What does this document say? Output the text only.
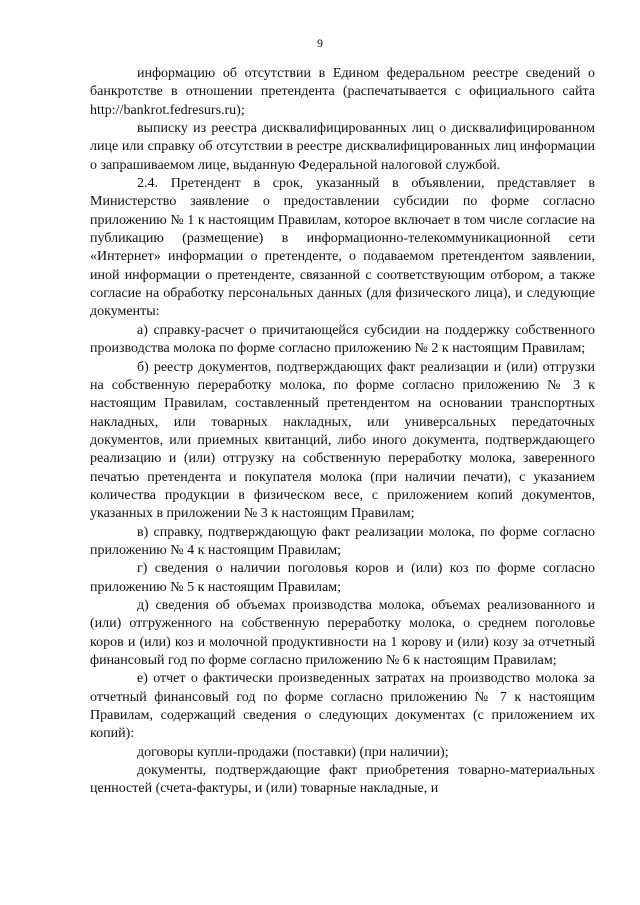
9

информацию об отсутствии в Едином федеральном реестре сведений о банкротстве в отношении претендента (распечатывается с официального сайта http://bankrot.fedresurs.ru);

выписку из реестра дисквалифицированных лиц о дисквалифицированном лице или справку об отсутствии в реестре дисквалифицированных лиц информации о запрашиваемом лице, выданную Федеральной налоговой службой.

2.4. Претендент в срок, указанный в объявлении, представляет в Министерство заявление о предоставлении субсидии по форме согласно приложению № 1 к настоящим Правилам, которое включает в том числе согласие на публикацию (размещение) в информационно-телекоммуникационной сети «Интернет» информации о претенденте, о подаваемом претендентом заявлении, иной информации о претенденте, связанной с соответствующим отбором, а также согласие на обработку персональных данных (для физического лица), и следующие документы:

а) справку-расчет о причитающейся субсидии на поддержку собственного производства молока по форме согласно приложению № 2 к настоящим Правилам;

б) реестр документов, подтверждающих факт реализации и (или) отгрузки на собственную переработку молока, по форме согласно приложению № 3 к настоящим Правилам, составленный претендентом на основании транспортных накладных, или товарных накладных, или универсальных передаточных документов, или приемных квитанций, либо иного документа, подтверждающего реализацию и (или) отгрузку на собственную переработку молока, заверенного печатью претендента и покупателя молока (при наличии печати), с указанием количества продукции в физическом весе, с приложением копий документов, указанных в приложении № 3 к настоящим Правилам;

в) справку, подтверждающую факт реализации молока, по форме согласно приложению № 4 к настоящим Правилам;

г) сведения о наличии поголовья коров и (или) коз по форме согласно приложению № 5 к настоящим Правилам;

д) сведения об объемах производства молока, объемах реализованного и (или) отгруженного на собственную переработку молока, о среднем поголовье коров и (или) коз и молочной продуктивности на 1 корову и (или) козу за отчетный финансовый год по форме согласно приложению № 6 к настоящим Правилам;

е) отчет о фактически произведенных затратах на производство молока за отчетный финансовый год по форме согласно приложению № 7 к настоящим Правилам, содержащий сведения о следующих документах (с приложением их копий):

договоры купли-продажи (поставки) (при наличии);

документы, подтверждающие факт приобретения товарно-материальных ценностей (счета-фактуры, и (или) товарные накладные, и
